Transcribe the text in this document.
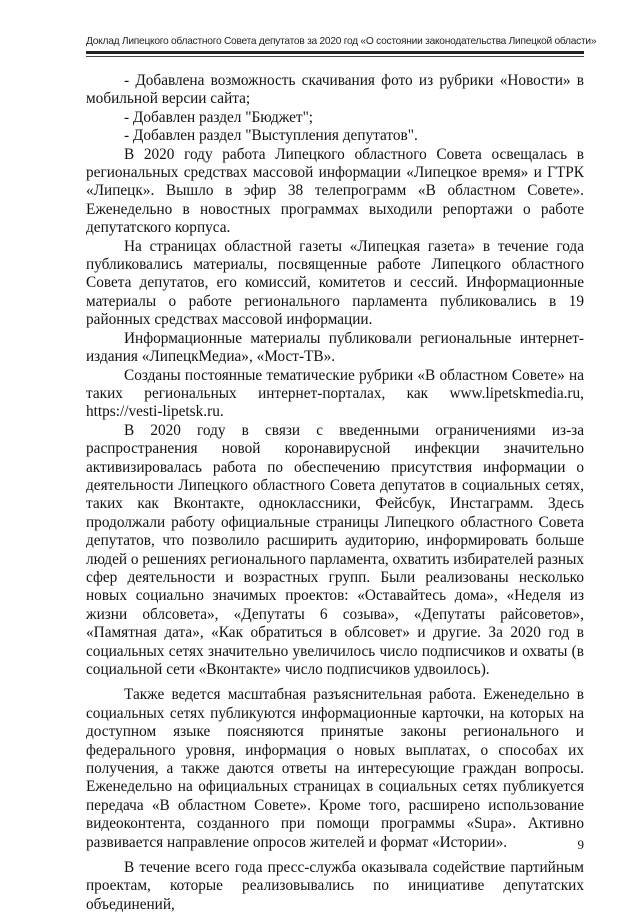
Доклад Липецкого областного Совета депутатов за 2020 год «О состоянии законодательства Липецкой области»

- Добавлена возможность скачивания фото из рубрики «Новости» в мобильной версии сайта;

- Добавлен раздел "Бюджет";

- Добавлен раздел "Выступления депутатов".

В 2020 году работа Липецкого областного Совета освещалась в региональных средствах массовой информации «Липецкое время» и ГТРК «Липецк». Вышло в эфир 38 телепрограмм «В областном Совете». Еженедельно в новостных программах выходили репортажи о работе депутатского корпуса.

На страницах областной газеты «Липецкая газета» в течение года публиковались материалы, посвященные работе Липецкого областного Совета депутатов, его комиссий, комитетов и сессий. Информационные материалы о работе регионального парламента публиковались в 19 районных средствах массовой информации.

Информационные материалы публиковали региональные интернет-издания «ЛипецкМедиа», «Мост-ТВ».

Созданы постоянные тематические рубрики «В областном Совете» на таких региональных интернет-порталах, как www.lipetskmedia.ru, https://vesti-lipetsk.ru.

В 2020 году в связи с введенными ограничениями из-за распространения новой коронавирусной инфекции значительно активизировалась работа по обеспечению присутствия информации о деятельности Липецкого областного Совета депутатов в социальных сетях, таких как Вконтакте, одноклассники, Фейсбук, Инстаграмм. Здесь продолжали работу официальные страницы Липецкого областного Совета депутатов, что позволило расширить аудиторию, информировать больше людей о решениях регионального парламента, охватить избирателей разных сфер деятельности и возрастных групп. Были реализованы несколько новых социально значимых проектов: «Оставайтесь дома», «Неделя из жизни облсовета», «Депутаты 6 созыва», «Депутаты райсоветов», «Памятная дата», «Как обратиться в облсовет» и другие. За 2020 год в социальных сетях значительно увеличилось число подписчиков и охваты (в социальной сети «Вконтакте» число подписчиков удвоилось).

Также ведется масштабная разъяснительная работа. Еженедельно в социальных сетях публикуются информационные карточки, на которых на доступном языке поясняются принятые законы регионального и федерального уровня, информация о новых выплатах, о способах их получения, а также даются ответы на интересующие граждан вопросы. Еженедельно на официальных страницах в социальных сетях публикуется передача «В областном Совете». Кроме того, расширено использование видеоконтента, созданного при помощи программы «Supa». Активно развивается направление опросов жителей и формат «Истории».

В течение всего года пресс-служба оказывала содействие партийным проектам, которые реализовывались по инициативе депутатских объединений,

9
